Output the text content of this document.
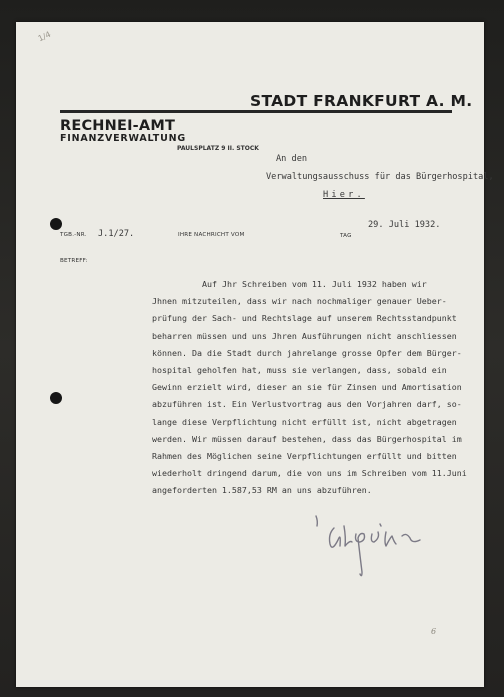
1/4
STADT FRANKFURT A. M.
RECHNEI-AMT
FINANZVERWALTUNG
PAULSPLATZ 9 II. STOCK
An den
Verwaltungsausschuss für das Bürgerhospital,
Hier.
TGB.-NR. J.1/27.	IHRE NACHRICHT VOM	TAG
29. Juli 1932.
BETREFF:
Auf Jhr Schreiben vom 11. Juli 1932 haben wir
Jhnen mitzuteilen, dass wir nach nochmaliger genauer Ueber-
prüfung der Sach- und Rechtslage auf unserem Rechtsstandpunkt
beharren müssen und uns Jhren Ausführungen nicht anschliessen
können. Da die Stadt durch jahrelange grosse Opfer dem Bürger-
hospital geholfen hat, muss sie verlangen, dass, sobald ein
Gewinn erzielt wird, dieser an sie für Zinsen und Amortisation
abzuführen ist. Ein Verlustvortrag aus den Vorjahren darf, so-
lange diese Verpflichtung nicht erfüllt ist, nicht abgetragen
werden. Wir müssen darauf bestehen, dass das Bürgerhospital im
Rahmen des Möglichen seine Verpflichtungen erfüllt und bitten
wiederholt dringend darum, die von uns im Schreiben vom 11.Juni
angeforderten 1.587,53 RM an uns abzuführen.
6
